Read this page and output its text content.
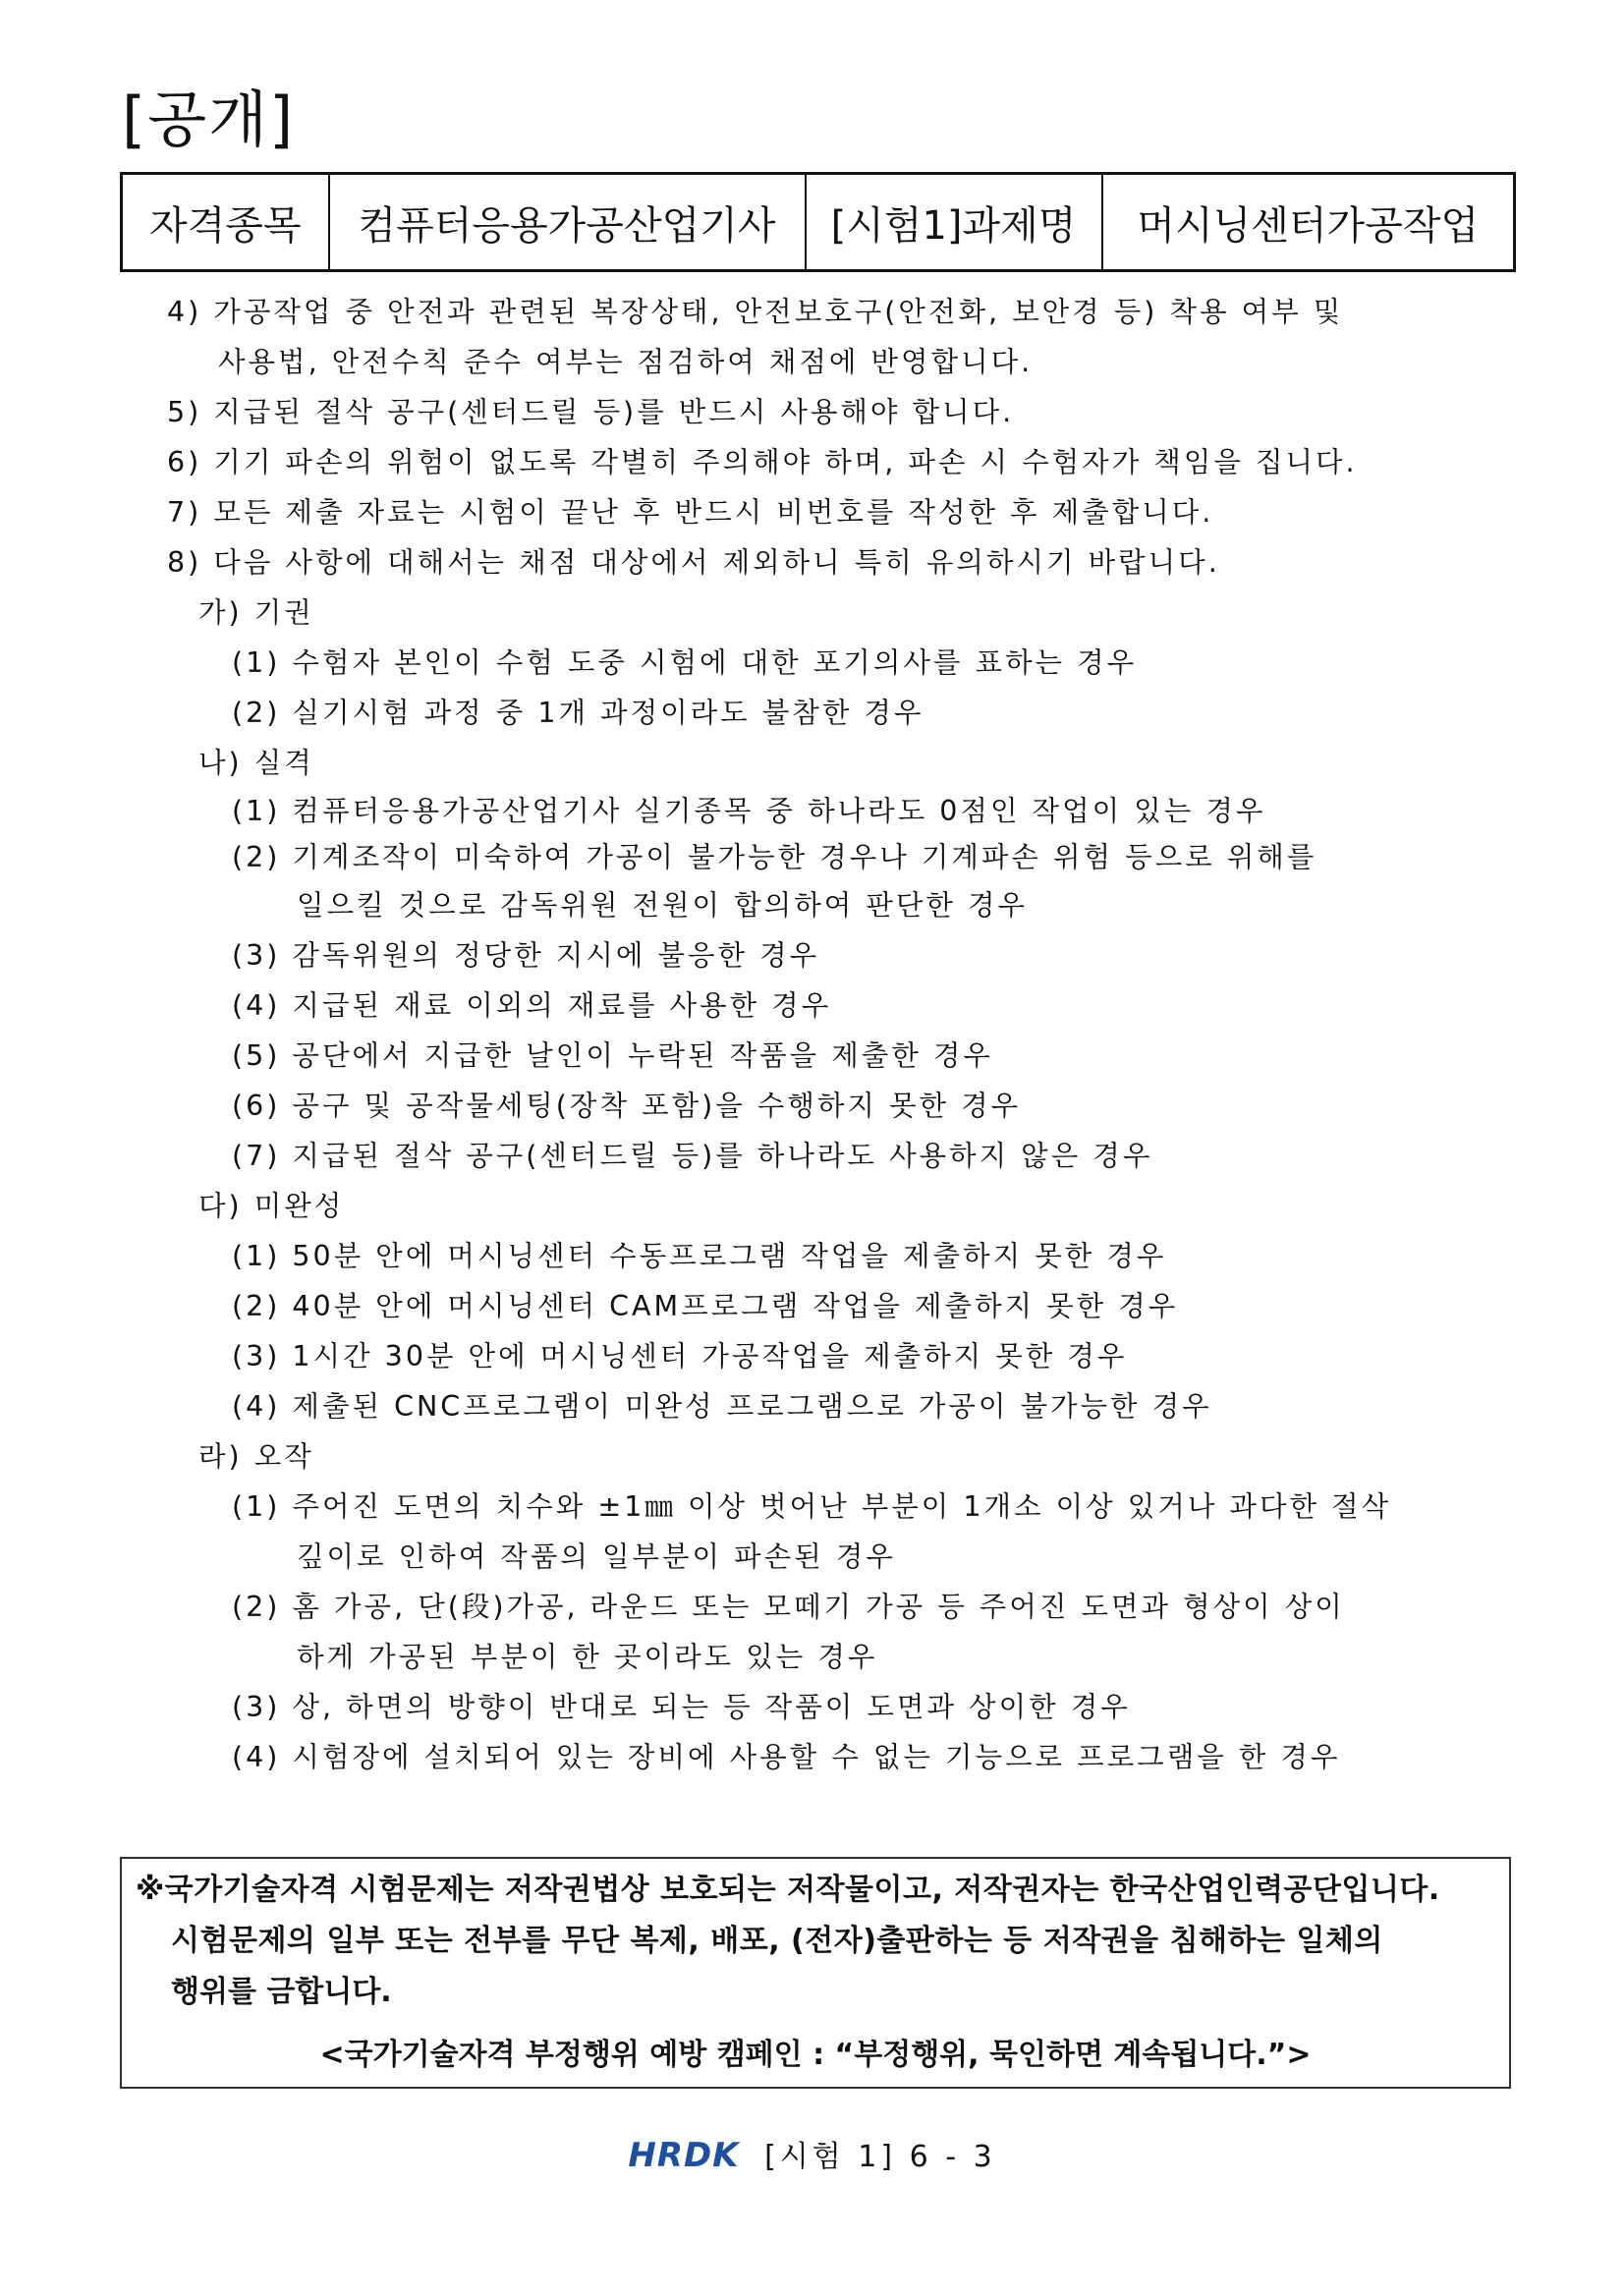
[공개]
자격종목	컴퓨터응용가공산업기사	[시험1]과제명	머시닝센터가공작업
4) 가공작업 중 안전과 관련된 복장상태, 안전보호구(안전화, 보안경 등) 착용 여부 및
사용법, 안전수칙 준수 여부는 점검하여 채점에 반영합니다.
5) 지급된 절삭 공구(센터드릴 등)를 반드시 사용해야 합니다.
6) 기기 파손의 위험이 없도록 각별히 주의해야 하며, 파손 시 수험자가 책임을 집니다.
7) 모든 제출 자료는 시험이 끝난 후 반드시 비번호를 작성한 후 제출합니다.
8) 다음 사항에 대해서는 채점 대상에서 제외하니 특히 유의하시기 바랍니다.
가) 기권
(1) 수험자 본인이 수험 도중 시험에 대한 포기의사를 표하는 경우
(2) 실기시험 과정 중 1개 과정이라도 불참한 경우
나) 실격
(1) 컴퓨터응용가공산업기사 실기종목 중 하나라도 0점인 작업이 있는 경우
(2) 기계조작이 미숙하여 가공이 불가능한 경우나 기계파손 위험 등으로 위해를
일으킬 것으로 감독위원 전원이 합의하여 판단한 경우
(3) 감독위원의 정당한 지시에 불응한 경우
(4) 지급된 재료 이외의 재료를 사용한 경우
(5) 공단에서 지급한 날인이 누락된 작품을 제출한 경우
(6) 공구 및 공작물세팅(장착 포함)을 수행하지 못한 경우
(7) 지급된 절삭 공구(센터드릴 등)를 하나라도 사용하지 않은 경우
다) 미완성
(1) 50분 안에 머시닝센터 수동프로그램 작업을 제출하지 못한 경우
(2) 40분 안에 머시닝센터 CAM프로그램 작업을 제출하지 못한 경우
(3) 1시간 30분 안에 머시닝센터 가공작업을 제출하지 못한 경우
(4) 제출된 CNC프로그램이 미완성 프로그램으로 가공이 불가능한 경우
라) 오작
(1) 주어진 도면의 치수와 ±1㎜ 이상 벗어난 부분이 1개소 이상 있거나 과다한 절삭
깊이로 인하여 작품의 일부분이 파손된 경우
(2) 홈 가공, 단(段)가공, 라운드 또는 모떼기 가공 등 주어진 도면과 형상이 상이
하게 가공된 부분이 한 곳이라도 있는 경우
(3) 상, 하면의 방향이 반대로 되는 등 작품이 도면과 상이한 경우
(4) 시험장에 설치되어 있는 장비에 사용할 수 없는 기능으로 프로그램을 한 경우
※국가기술자격 시험문제는 저작권법상 보호되는 저작물이고, 저작권자는 한국산업인력공단입니다.
시험문제의 일부 또는 전부를 무단 복제, 배포, (전자)출판하는 등 저작권을 침해하는 일체의
행위를 금합니다.
<국가기술자격 부정행위 예방 캠페인 : “부정행위, 묵인하면 계속됩니다.”>
HRDK [시험 1] 6 - 3
